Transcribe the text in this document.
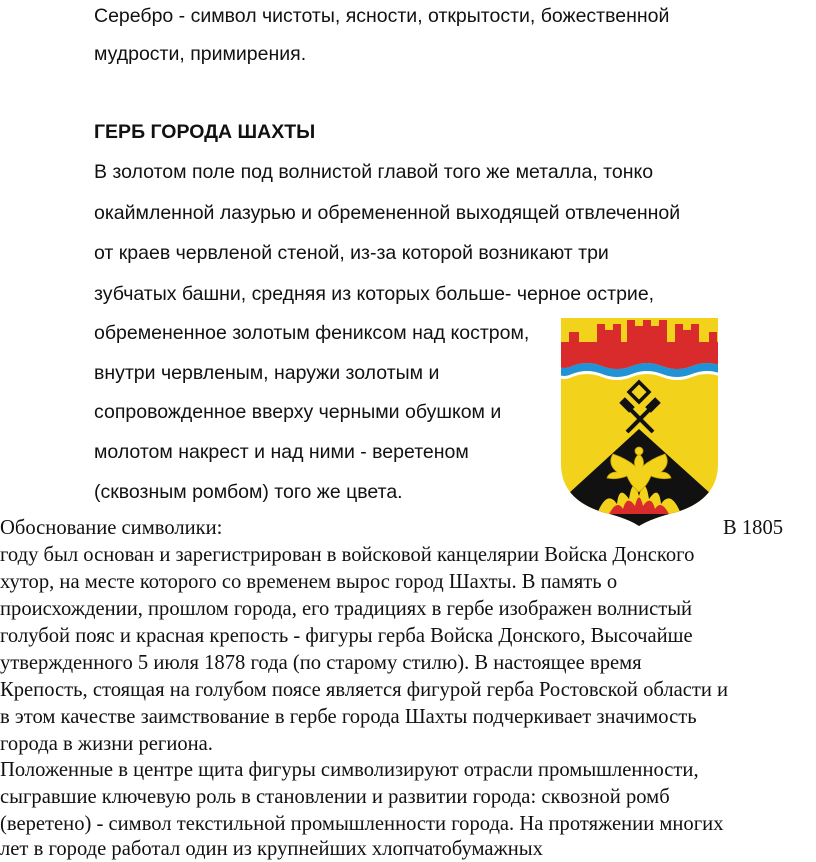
Серебро - символ чистоты, ясности, открытости, божественной
мудрости, примирения.
ГЕРБ ГОРОДА ШАХТЫ
В золотом поле под волнистой главой того же металла, тонко
окаймленной лазурью и обремененной выходящей отвлеченной
от краев червленой стеной, из-за которой возникают три
зубчатых башни, средняя из которых больше- черное острие,
обремененное золотым фениксом над костром,
внутри червленым, наружи золотым и
сопровожденное вверху черными обушком и
молотом накрест и над ними - веретеном
(сквозным ромбом) того же цвета.
Обоснование символики:	В 1805
году был основан и зарегистрирован в войсковой канцелярии Войска Донского
хутор, на месте которого со временем вырос город Шахты. В память о
происхождении, прошлом города, его традициях в гербе изображен волнистый
голубой пояс и красная крепость - фигуры герба Войска Донского, Высочайше
утвержденного 5 июля 1878 года (по старому стилю). В настоящее время
Крепость, стоящая на голубом поясе является фигурой герба Ростовской области и
в этом качестве заимствование в гербе города Шахты подчеркивает значимость
города в жизни региона.
Положенные в центре щита фигуры символизируют отрасли промышленности,
сыгравшие ключевую роль в становлении и развитии города: сквозной ромб
(веретено) - символ текстильной промышленности города. На протяжении многих
лет в городе работал один из крупнейших хлопчатобумажных
